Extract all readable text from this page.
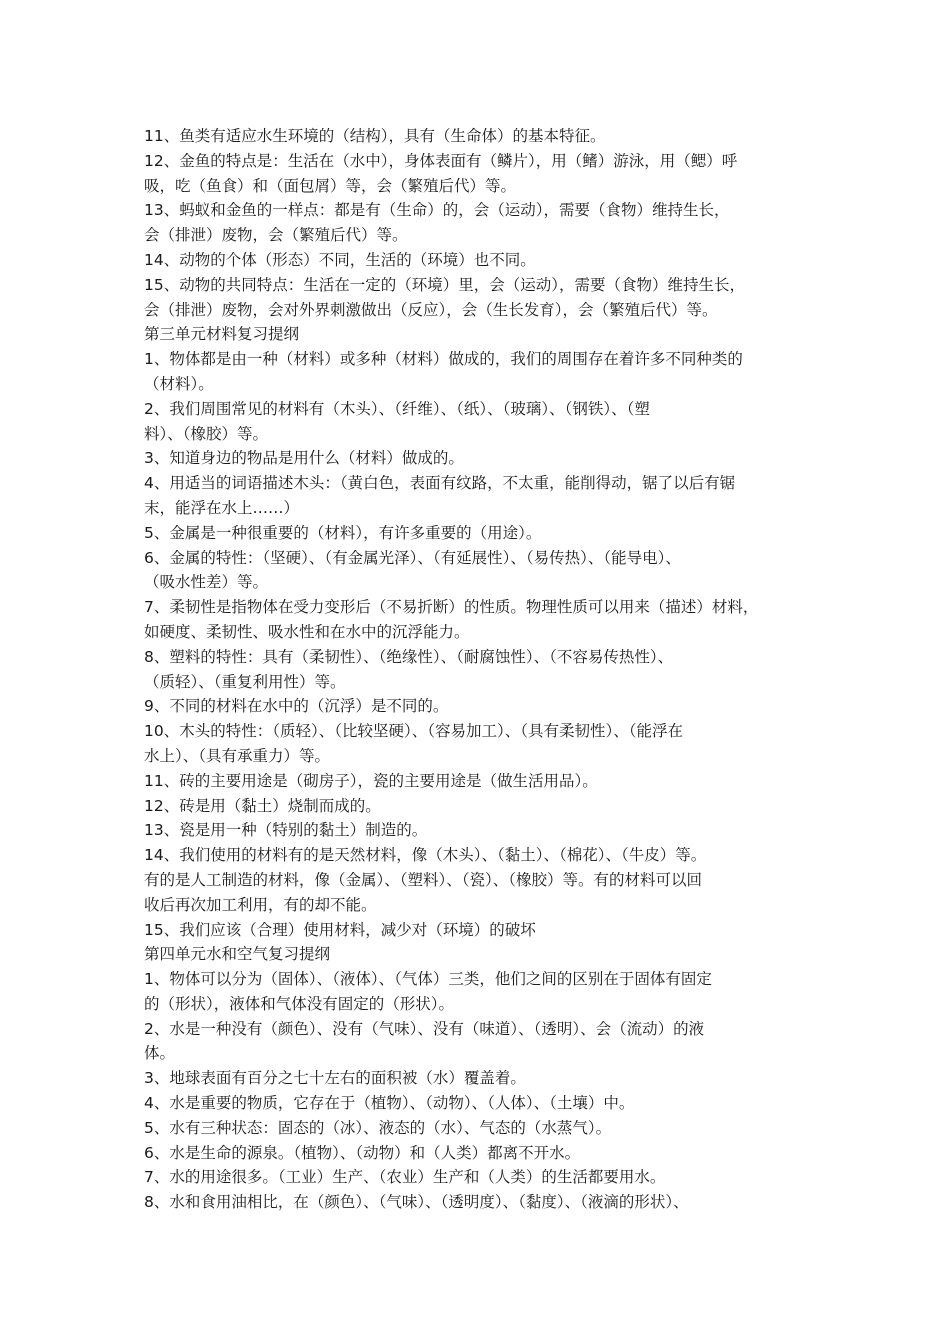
11、鱼类有适应水生环境的（结构），具有（生命体）的基本特征。
12、金鱼的特点是：生活在（水中），身体表面有（鳞片），用（鳍）游泳，用（鳃）呼
吸，吃（鱼食）和（面包屑）等，会（繁殖后代）等。
13、蚂蚁和金鱼的一样点：都是有（生命）的，会（运动），需要（食物）维持生长，
会（排泄）废物，会（繁殖后代）等。
14、动物的个体（形态）不同，生活的（环境）也不同。
15、动物的共同特点：生活在一定的（环境）里，会（运动），需要（食物）维持生长，
会（排泄）废物，会对外界刺激做出（反应），会（生长发育），会（繁殖后代）等。
第三单元材料复习提纲
1、物体都是由一种（材料）或多种（材料）做成的，我们的周围存在着许多不同种类的
（材料）。
2、我们周围常见的材料有（木头）、（纤维）、（纸）、（玻璃）、（钢铁）、（塑
料）、（橡胶）等。
3、知道身边的物品是用什么（材料）做成的。
4、用适当的词语描述木头：（黄白色，表面有纹路，不太重，能削得动，锯了以后有锯
末，能浮在水上……）
5、金属是一种很重要的（材料），有许多重要的（用途）。
6、金属的特性：（坚硬）、（有金属光泽）、（有延展性）、（易传热）、（能导电）、
（吸水性差）等。
7、柔韧性是指物体在受力变形后（不易折断）的性质。物理性质可以用来（描述）材料，
如硬度、柔韧性、吸水性和在水中的沉浮能力。
8、塑料的特性：具有（柔韧性）、（绝缘性）、（耐腐蚀性）、（不容易传热性）、
（质轻）、（重复利用性）等。
9、不同的材料在水中的（沉浮）是不同的。
10、木头的特性：（质轻）、（比较坚硬）、（容易加工）、（具有柔韧性）、（能浮在
水上）、（具有承重力）等。
11、砖的主要用途是（砌房子），瓷的主要用途是（做生活用品）。
12、砖是用（黏土）烧制而成的。
13、瓷是用一种（特别的黏土）制造的。
14、我们使用的材料有的是天然材料，像（木头）、（黏土）、（棉花）、（牛皮）等。
有的是人工制造的材料，像（金属）、（塑料）、（瓷）、（橡胶）等。有的材料可以回
收后再次加工利用，有的却不能。
15、我们应该（合理）使用材料，减少对（环境）的破坏
第四单元水和空气复习提纲
1、物体可以分为（固体）、（液体）、（气体）三类，他们之间的区别在于固体有固定
的（形状），液体和气体没有固定的（形状）。
2、水是一种没有（颜色）、没有（气味）、没有（味道）、（透明）、会（流动）的液
体。
3、地球表面有百分之七十左右的面积被（水）覆盖着。
4、水是重要的物质，它存在于（植物）、（动物）、（人体）、（土壤）中。
5、水有三种状态：固态的（冰）、液态的（水）、气态的（水蒸气）。
6、水是生命的源泉。（植物）、（动物）和（人类）都离不开水。
7、水的用途很多。（工业）生产、（农业）生产和（人类）的生活都要用水。
8、水和食用油相比，在（颜色）、（气味）、（透明度）、（黏度）、（液滴的形状）、
